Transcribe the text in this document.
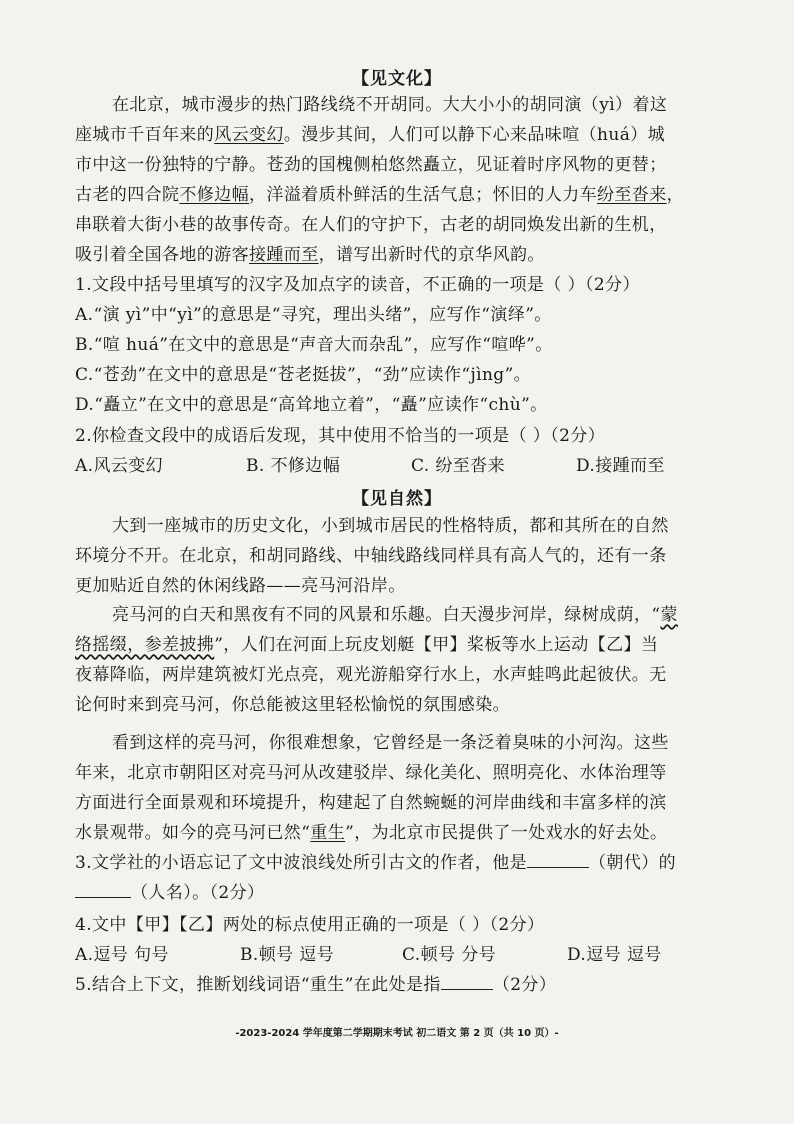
【见文化】
在北京，城市漫步的热门路线绕不开胡同。大大小小的胡同演（yì）着这
座城市千百年来的风云变幻。漫步其间，人们可以静下心来品味喧（huá）城
市中这一份独特的宁静。苍劲的国槐侧柏悠然矗立，见证着时序风物的更替；
古老的四合院不修边幅，洋溢着质朴鲜活的生活气息；怀旧的人力车纷至沓来，
串联着大街小巷的故事传奇。在人们的守护下，古老的胡同焕发出新的生机，
吸引着全国各地的游客接踵而至，谱写出新时代的京华风韵。
1.文段中括号里填写的汉字及加点字的读音，不正确的一项是（ ）（2分）
A.“演 yì”中“yì”的意思是“寻究，理出头绪”，应写作“演绎”。
B.“喧 huá”在文中的意思是“声音大而杂乱”，应写作“喧哗”。
C.“苍劲”在文中的意思是“苍老挺拔”，“劲”应读作“jìng”。
D.“矗立”在文中的意思是“高耸地立着”，“矗”应读作“chù”。
2.你检查文段中的成语后发现，其中使用不恰当的一项是（ ）（2分）
A.风云变幻	B. 不修边幅	C. 纷至沓来	D.接踵而至
【见自然】
大到一座城市的历史文化，小到城市居民的性格特质，都和其所在的自然
环境分不开。在北京，和胡同路线、中轴线路线同样具有高人气的，还有一条
更加贴近自然的休闲线路——亮马河沿岸。
亮马河的白天和黑夜有不同的风景和乐趣。白天漫步河岸，绿树成荫，“蒙
络摇缀，参差披拂”，人们在河面上玩皮划艇【甲】桨板等水上运动【乙】当
夜幕降临，两岸建筑被灯光点亮，观光游船穿行水上，水声蛙鸣此起彼伏。无
论何时来到亮马河，你总能被这里轻松愉悦的氛围感染。
看到这样的亮马河，你很难想象，它曾经是一条泛着臭味的小河沟。这些
年来，北京市朝阳区对亮马河从改建驳岸、绿化美化、照明亮化、水体治理等
方面进行全面景观和环境提升，构建起了自然蜿蜒的河岸曲线和丰富多样的滨
水景观带。如今的亮马河已然“重生”，为北京市民提供了一处戏水的好去处。
3.文学社的小语忘记了文中波浪线处所引古文的作者，他是	（朝代）的
（人名）。（2分）
4.文中【甲】【乙】两处的标点使用正确的一项是（ ）（2分）
A.逗号 句号	B.顿号 逗号	C.顿号 分号	D.逗号 逗号
5.结合上下文，推断划线词语“重生”在此处是指	（2分）
-2023-2024 学年度第二学期期末考试 初二语文 第 2 页（共 10 页）-
